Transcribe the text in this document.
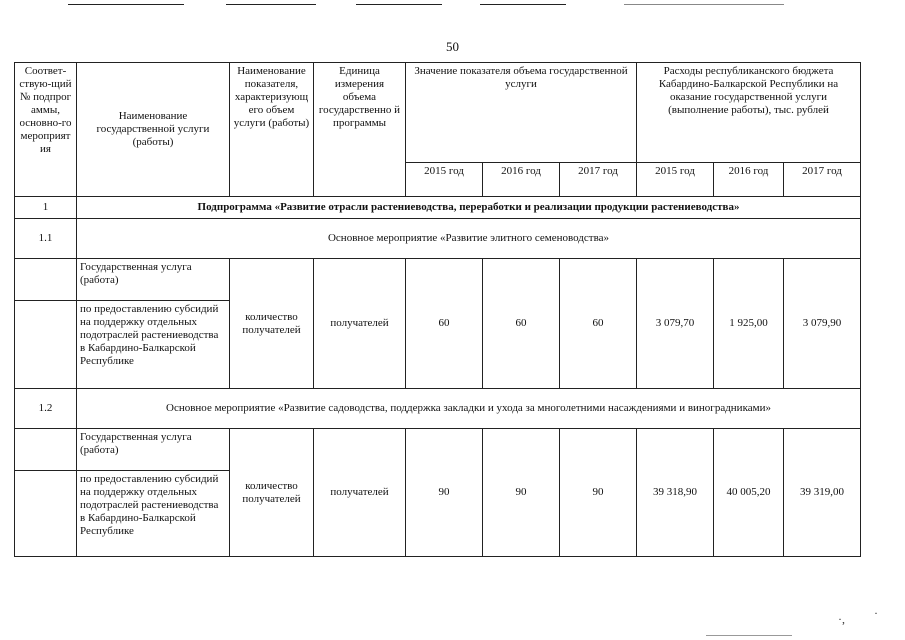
50
Соответ-ствую-щий № подпрог аммы, основно-го мероприят ия	Наименование государственной услуги (работы)	Наименование показателя, характеризующ его объем услуги (работы)	Единица измерения объема государственно й программы	Значение показателя объема государственной услуги			Расходы республиканского бюджета Кабардино-Балкарской Республики на оказание государственной услуги (выполнение работы), тыс. рублей		
				2015 год	2016 год	2017 год	2015 год	2016 год	2017 год
1	Подпрограмма «Развитие отрасли растениеводства, переработки и реализации продукции растениеводства»								
1.1	Основное мероприятие «Развитие элитного семеноводства»								
	Государственная услуга (работа)	количество получателей	получателей	60	60	60	3 079,70	1 925,00	3 079,90
	по предоставлению субсидий на поддержку отдельных подотраслей растениеводства в Кабардино-Балкарской Республике								
1.2	Основное мероприятие «Развитие садоводства, поддержка закладки и ухода за многолетними насаждениями и виноградниками»								
	Государственная услуга (работа)	количество получателей	получателей	90	90	90	39 318,90	40 005,20	39 319,00
	по предоставлению субсидий на поддержку отдельных подотраслей растениеводства в Кабардино-Балкарской Республике								
·, ·
